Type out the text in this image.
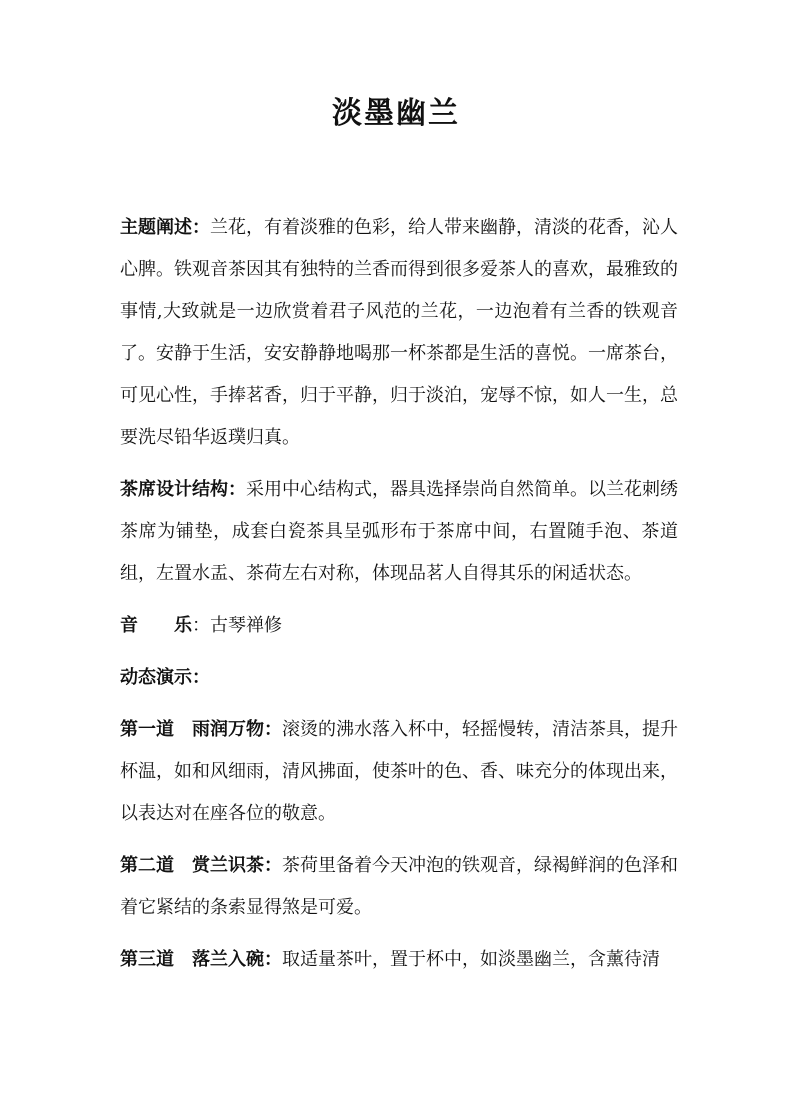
淡墨幽兰

主题阐述：兰花，有着淡雅的色彩，给人带来幽静，清淡的花香，沁人心脾。铁观音茶因其有独特的兰香而得到很多爱茶人的喜欢，最雅致的事情,大致就是一边欣赏着君子风范的兰花，一边泡着有兰香的铁观音了。安静于生活，安安静静地喝那一杯茶都是生活的喜悦。一席茶台，可见心性，手捧茗香，归于平静，归于淡泊，宠辱不惊，如人一生，总要洗尽铅华返璞归真。

茶席设计结构：采用中心结构式，器具选择崇尚自然简单。以兰花刺绣茶席为铺垫，成套白瓷茶具呈弧形布于茶席中间，右置随手泡、茶道组，左置水盂、茶荷左右对称，体现品茗人自得其乐的闲适状态。

音　　乐：古琴禅修

动态演示：

第一道　雨润万物：滚烫的沸水落入杯中，轻摇慢转，清洁茶具，提升杯温，如和风细雨，清风拂面，使茶叶的色、香、味充分的体现出来，以表达对在座各位的敬意。

第二道　赏兰识茶：茶荷里备着今天冲泡的铁观音，绿褐鲜润的色泽和着它紧结的条索显得煞是可爱。

第三道　落兰入碗：取适量茶叶，置于杯中，如淡墨幽兰，含薰待清
